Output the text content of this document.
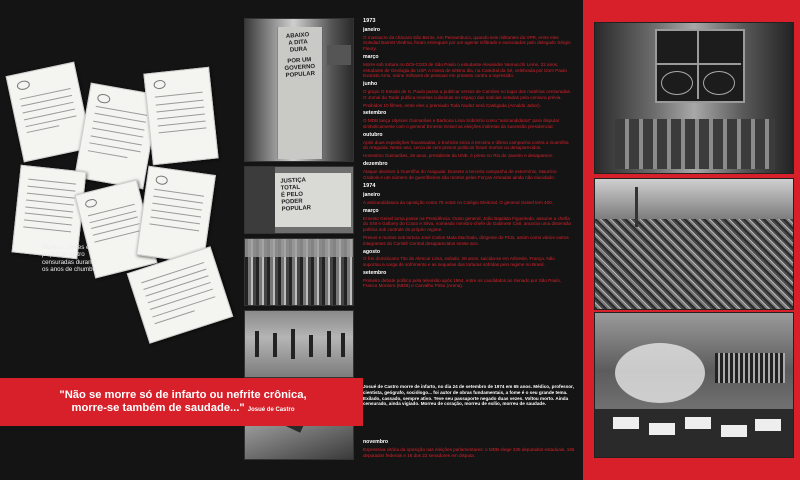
Músicas, filmes e
peças de teatro
censuradas durante
os anos de chumbo
ABAIXO
A DITA
DURA
POR UM
GOVERNO
POPULAR
JUSTIÇA
TOTAL
É PELO
PODER
POPULAR
1973
janeiro

O massacre da chácara São Bento, em Pernambuco, quando seis militantes da VPR, entre eles Soledad Barrett Viedma, foram entregues por um agente infiltrado e executados pelo delegado Sérgio Fleury.

março

Morre sob tortura no DOI-CODI de São Paulo o estudante Alexandre Vannucchi Leme, 22 anos, estudante de Geologia da USP. A missa de sétimo dia, na Catedral da Sé, celebrada por Dom Paulo Evaristo Arns, reúne milhares de pessoas em protesto contra a repressão.

junho

O grupo O Estado de S. Paulo passa a publicar versos de Camões no lugar das matérias censuradas. O Jornal da Tarde publica receitas culinárias no espaço das notícias vetadas pela censura prévia.

Proibidos 10 filmes, entre eles o premiado Toda Nudez será Castigada (Arnaldo Jabor).

setembro

O MDB lança Ulysses Guimarães e Barbosa Lima Sobrinho como "anticandidatos" para disputar simbolicamente com o general Ernesto Geisel as eleições indiretas da sucessão presidencial.

outubro

Após duas expedições fracassadas, o Exército inicia a terceira e última campanha contra a Guerrilha do Araguaia. Neste ano, cerca de cem presos políticos foram mortos ou desaparecidos.

Honestino Guimarães, 26 anos, presidente da UNE, é preso no Rio de Janeiro e desaparece.

dezembro

Ataque decisivo à Guerrilha do Araguaia. Durante a terceira campanha de extermínio, Maurício Grabois e um número de guerrilheiros são mortos pelas Forças Armadas ainda não elucidado.

1974
janeiro

A anticandidatura da oposição conta 76 votos no Colégio Eleitoral. O general Geisel tem 400.

março

Ernesto Geisel toma posse na Presidência. Outro general, João Baptista Figueiredo, assume a chefia do SNI e Golbery do Couto e Silva, nomeado ministro-chefe do Gabinete Civil, anuncia uma distensão política sob controle do próprio regime.

Presos e mortos sob tortura José Carlos Mata Machado, dirigente do PCB, assim como vários outros integrantes do Comitê Central desaparecidos nesse ano.

agosto

O frei dominicano Tito de Alencar Lima, exilado, 28 anos, suicida-se em Arbresle, França. Não suportou a carga de sofrimento e as sequelas das torturas sofridas pelo regime no Brasil.

setembro

Primeiro debate político pela televisão após 1964, entre os candidatos ao Senado por São Paulo, Franco Montoro (MDB) e Carvalho Pinto (Arena).

"Não se morre só de infarto ou nefrite crônica,
morre-se também de saudade..." Josué de Castro

Josué de Castro morre de infarto, no dia 24 de setembro de 1974 em 65 anos. Médico, professor, cientista, geógrafo, sociólogo... foi autor de obras fundamentais, a fome é o seu grande tema. Exilado, cassado, sempre ativo. Teve seu passaporte negado duas vezes. Voltou morto. Ainda censurado, ainda vigiado. Morreu de coração, morreu de exílio, morreu de saudade.

novembro

Expressiva vitória da oposição nas eleições parlamentares: o MDB elege 335 deputados estaduais, 165 deputados federais e 16 dos 22 senadores em disputa.
